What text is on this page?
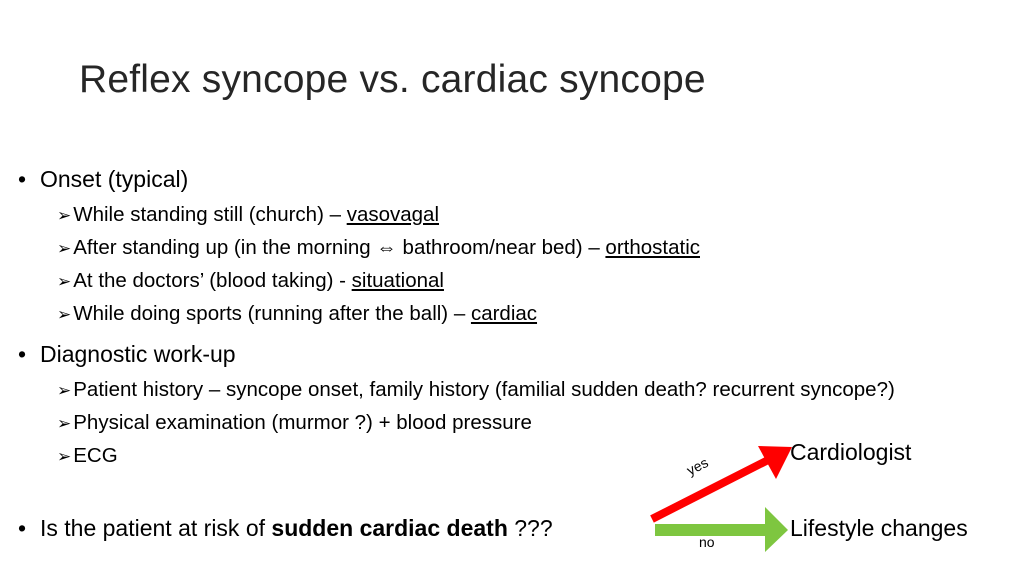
Reflex syncope vs. cardiac syncope
• Onset (typical)
➢While standing still (church) – vasovagal
➢After standing up (in the morning ⇔ bathroom/near bed) – orthostatic
➢At the doctors’ (blood taking) - situational
➢While doing sports (running after the ball) – cardiac
• Diagnostic work-up
➢Patient history – syncope onset, family history (familial sudden death? recurrent syncope?)
➢Physical examination (murmor ?) + blood pressure
➢ECG
• Is the patient at risk of sudden cardiac death ???
yes
no
Cardiologist
Lifestyle changes
